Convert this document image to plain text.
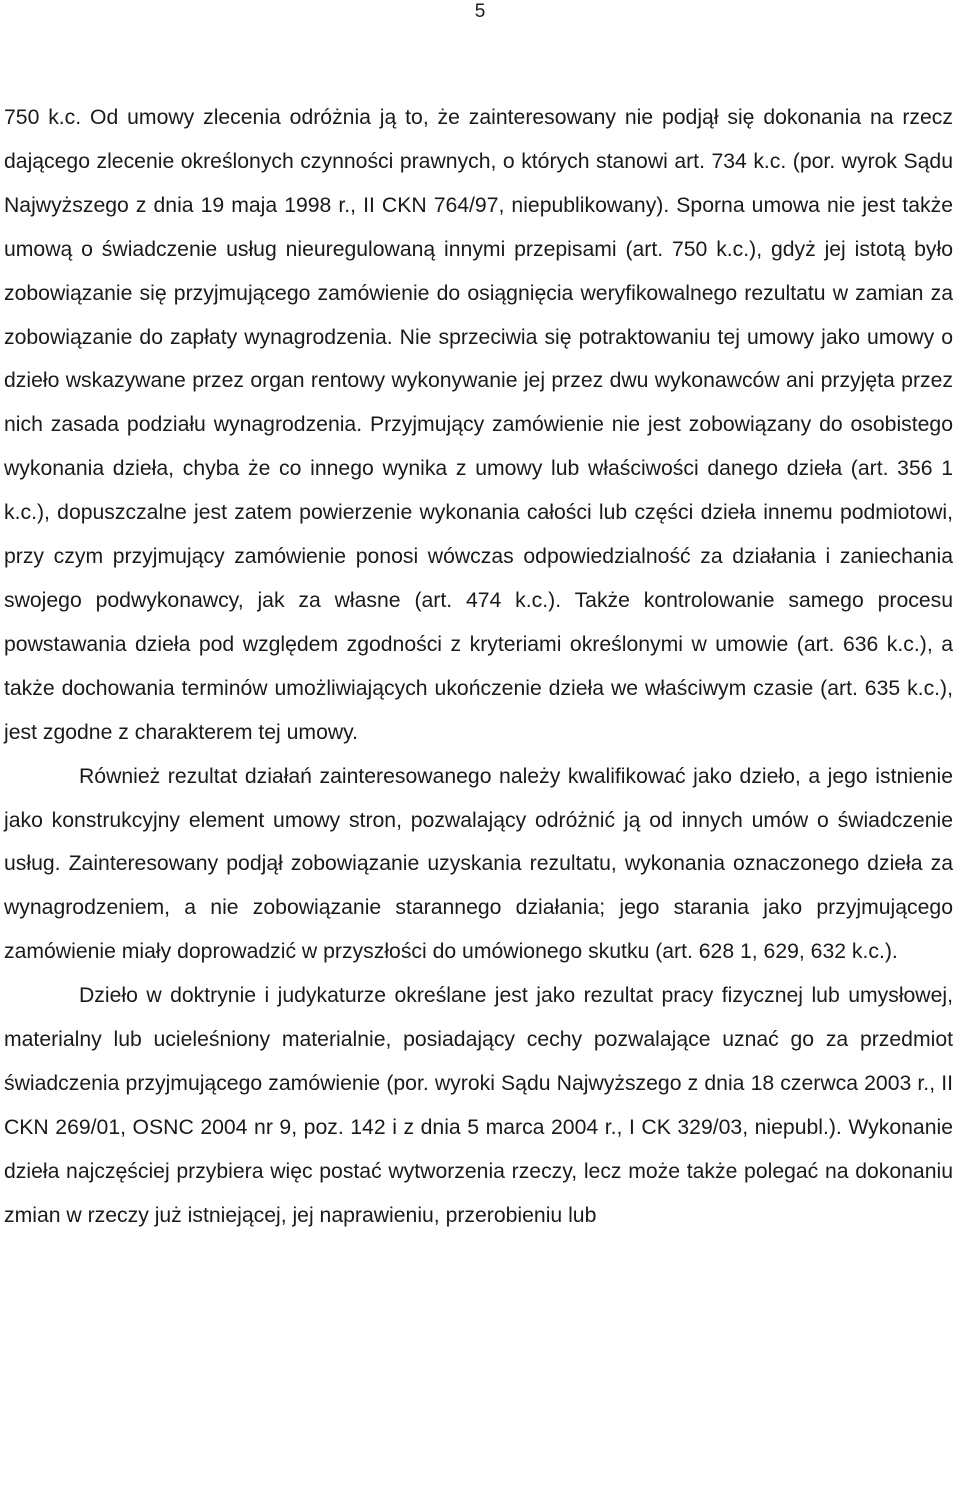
5

750 k.c. Od umowy zlecenia odróżnia ją to, że zainteresowany nie podjął się dokonania na rzecz dającego zlecenie określonych czynności prawnych, o których stanowi art. 734 k.c. (por. wyrok Sądu Najwyższego z dnia 19 maja 1998 r., II CKN 764/97, niepublikowany). Sporna umowa nie jest także umową o świadczenie usług nieuregulowaną innymi przepisami (art. 750 k.c.), gdyż jej istotą było zobowiązanie się przyjmującego zamówienie do osiągnięcia weryfikowalnego rezultatu w zamian za zobowiązanie do zapłaty wynagrodzenia. Nie sprzeciwia się potraktowaniu tej umowy jako umowy o dzieło wskazywane przez organ rentowy wykonywanie jej przez dwu wykonawców ani przyjęta przez nich zasada podziału wynagrodzenia. Przyjmujący zamówienie nie jest zobowiązany do osobistego wykonania dzieła, chyba że co innego wynika z umowy lub właściwości danego dzieła (art. 356 1 k.c.), dopuszczalne jest zatem powierzenie wykonania całości lub części dzieła innemu podmiotowi, przy czym przyjmujący zamówienie ponosi wówczas odpowiedzialność za działania i zaniechania swojego podwykonawcy, jak za własne (art. 474 k.c.). Także kontrolowanie samego procesu powstawania dzieła pod względem zgodności z kryteriami określonymi w umowie (art. 636 k.c.), a także dochowania terminów umożliwiających ukończenie dzieła we właściwym czasie (art. 635 k.c.), jest zgodne z charakterem tej umowy.

Również rezultat działań zainteresowanego należy kwalifikować jako dzieło, a jego istnienie jako konstrukcyjny element umowy stron, pozwalający odróżnić ją od innych umów o świadczenie usług. Zainteresowany podjął zobowiązanie uzyskania rezultatu, wykonania oznaczonego dzieła za wynagrodzeniem, a nie zobowiązanie starannego działania; jego starania jako przyjmującego zamówienie miały doprowadzić w przyszłości do umówionego skutku (art. 628 1, 629, 632 k.c.).

Dzieło w doktrynie i judykaturze określane jest jako rezultat pracy fizycznej lub umysłowej, materialny lub ucieleśniony materialnie, posiadający cechy pozwalające uznać go za przedmiot świadczenia przyjmującego zamówienie (por. wyroki Sądu Najwyższego z dnia 18 czerwca 2003 r., II CKN 269/01, OSNC 2004 nr 9, poz. 142 i z dnia 5 marca 2004 r., I CK 329/03, niepubl.). Wykonanie dzieła najczęściej przybiera więc postać wytworzenia rzeczy, lecz może także polegać na dokonaniu zmian w rzeczy już istniejącej, jej naprawieniu, przerobieniu lub
